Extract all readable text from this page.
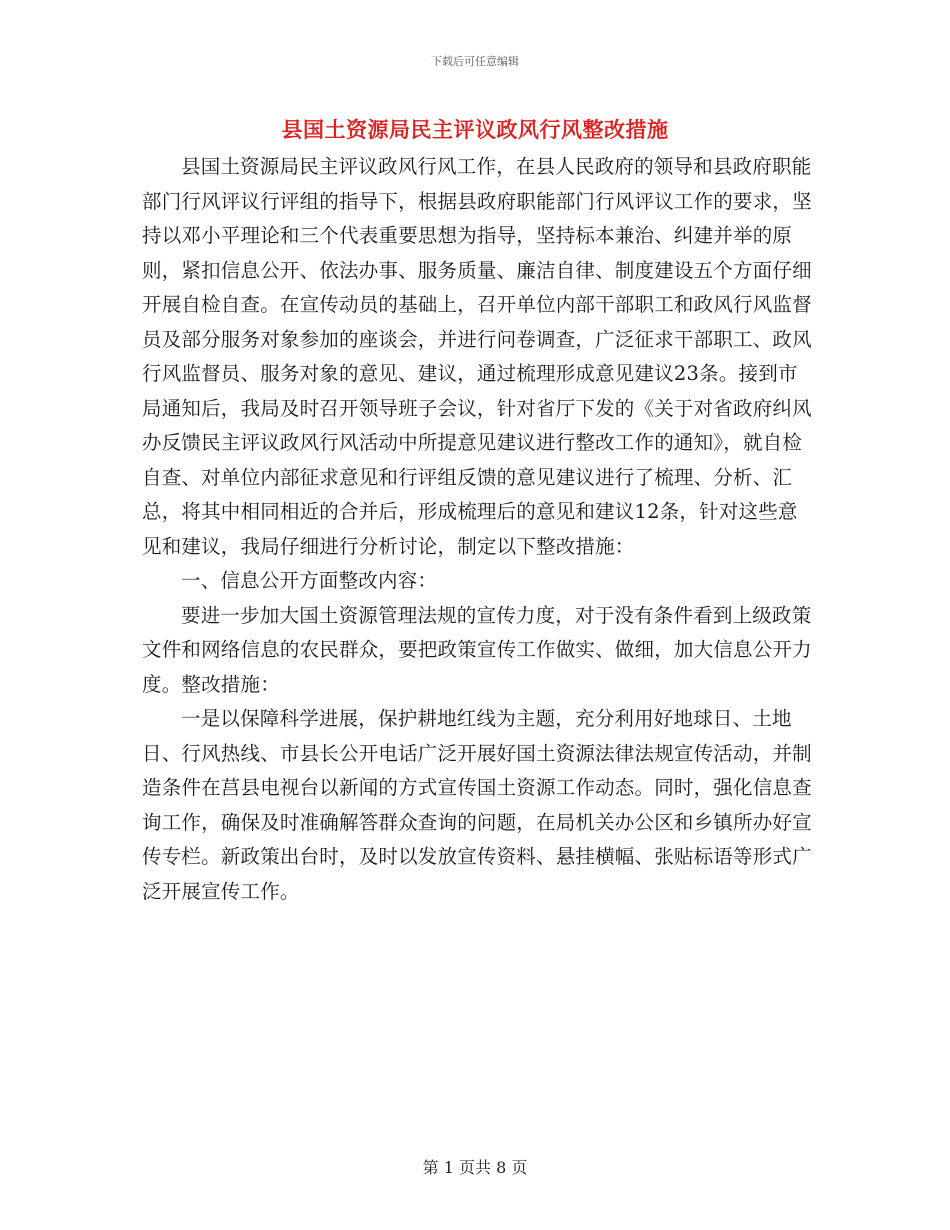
下载后可任意编辑
县国土资源局民主评议政风行风整改措施

县国土资源局民主评议政风行风工作，在县人民政府的领导和县政府职能部门行风评议行评组的指导下，根据县政府职能部门行风评议工作的要求，坚持以邓小平理论和三个代表重要思想为指导，坚持标本兼治、纠建并举的原则，紧扣信息公开、依法办事、服务质量、廉洁自律、制度建设五个方面仔细开展自检自查。在宣传动员的基础上，召开单位内部干部职工和政风行风监督员及部分服务对象参加的座谈会，并进行问卷调查，广泛征求干部职工、政风行风监督员、服务对象的意见、建议，通过梳理形成意见建议23条。接到市局通知后，我局及时召开领导班子会议，针对省厅下发的《关于对省政府纠风办反馈民主评议政风行风活动中所提意见建议进行整改工作的通知》，就自检自查、对单位内部征求意见和行评组反馈的意见建议进行了梳理、分析、汇总，将其中相同相近的合并后，形成梳理后的意见和建议12条，针对这些意见和建议，我局仔细进行分析讨论，制定以下整改措施：

一、信息公开方面整改内容：

要进一步加大国土资源管理法规的宣传力度，对于没有条件看到上级政策文件和网络信息的农民群众，要把政策宣传工作做实、做细，加大信息公开力度。整改措施：

一是以保障科学进展，保护耕地红线为主题，充分利用好地球日、土地日、行风热线、市县长公开电话广泛开展好国土资源法律法规宣传活动，并制造条件在莒县电视台以新闻的方式宣传国土资源工作动态。同时，强化信息查询工作，确保及时准确解答群众查询的问题，在局机关办公区和乡镇所办好宣传专栏。新政策出台时，及时以发放宣传资料、悬挂横幅、张贴标语等形式广泛开展宣传工作。

第 1 页共 8 页
